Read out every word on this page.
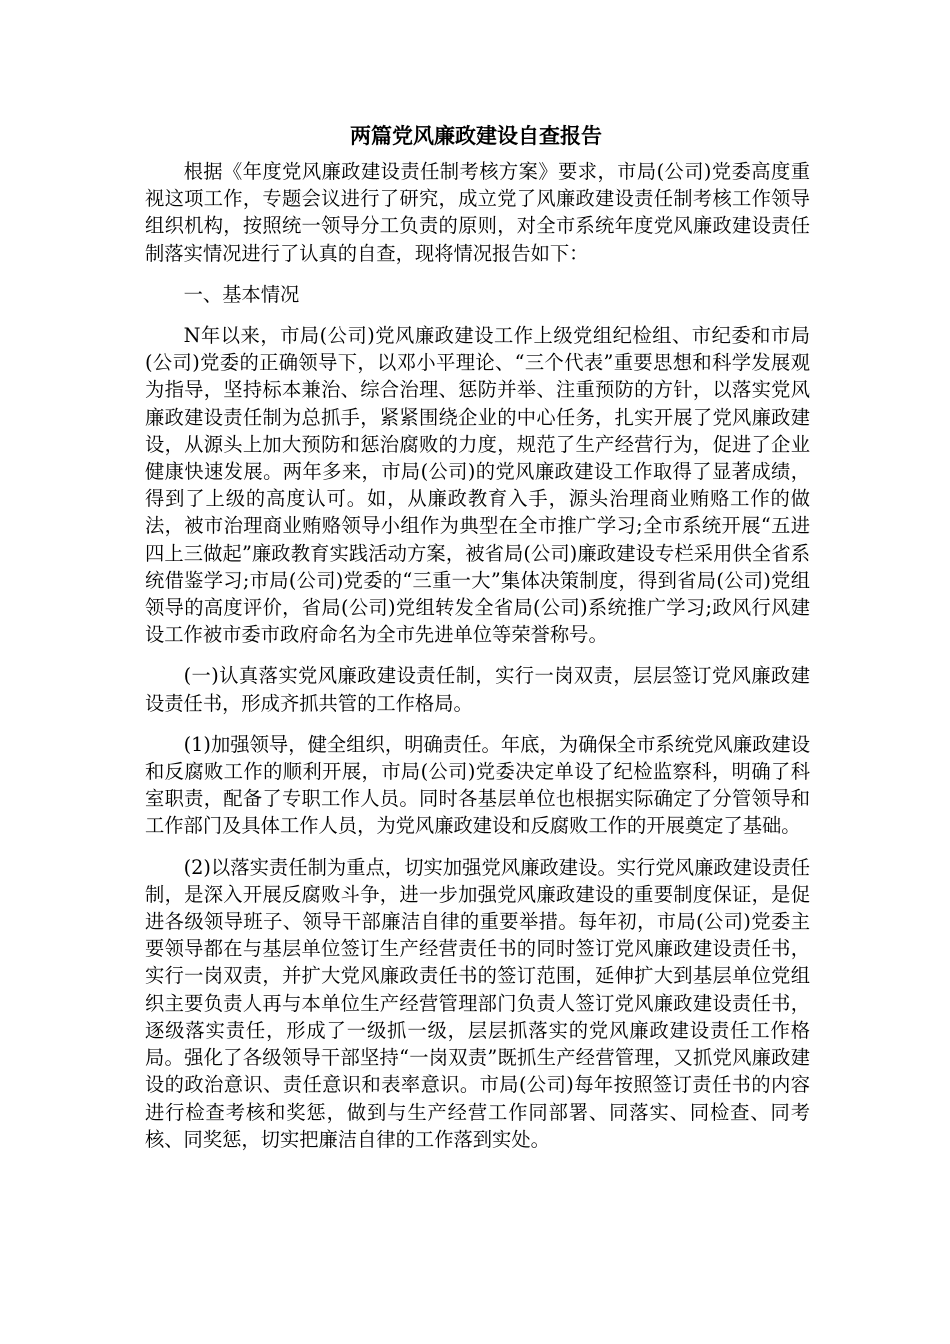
两篇党风廉政建设自查报告

根据《年度党风廉政建设责任制考核方案》要求，市局(公司)党委高度重视这项工作，专题会议进行了研究，成立党了风廉政建设责任制考核工作领导组织机构，按照统一领导分工负责的原则，对全市系统年度党风廉政建设责任制落实情况进行了认真的自查，现将情况报告如下：

一、基本情况

N年以来，市局(公司)党风廉政建设工作上级党组纪检组、市纪委和市局(公司)党委的正确领导下，以邓小平理论、“三个代表”重要思想和科学发展观为指导，坚持标本兼治、综合治理、惩防并举、注重预防的方针，以落实党风廉政建设责任制为总抓手，紧紧围绕企业的中心任务，扎实开展了党风廉政建设，从源头上加大预防和惩治腐败的力度，规范了生产经营行为，促进了企业健康快速发展。两年多来，市局(公司)的党风廉政建设工作取得了显著成绩，得到了上级的高度认可。如，从廉政教育入手，源头治理商业贿赂工作的做法，被市治理商业贿赂领导小组作为典型在全市推广学习;全市系统开展“五进四上三做起”廉政教育实践活动方案，被省局(公司)廉政建设专栏采用供全省系统借鉴学习;市局(公司)党委的“三重一大”集体决策制度，得到省局(公司)党组领导的高度评价，省局(公司)党组转发全省局(公司)系统推广学习;政风行风建设工作被市委市政府命名为全市先进单位等荣誉称号。

(一)认真落实党风廉政建设责任制，实行一岗双责，层层签订党风廉政建设责任书，形成齐抓共管的工作格局。

(1)加强领导，健全组织，明确责任。年底，为确保全市系统党风廉政建设和反腐败工作的顺利开展，市局(公司)党委决定单设了纪检监察科，明确了科室职责，配备了专职工作人员。同时各基层单位也根据实际确定了分管领导和工作部门及具体工作人员，为党风廉政建设和反腐败工作的开展奠定了基础。

(2)以落实责任制为重点，切实加强党风廉政建设。实行党风廉政建设责任制，是深入开展反腐败斗争，进一步加强党风廉政建设的重要制度保证，是促进各级领导班子、领导干部廉洁自律的重要举措。每年初，市局(公司)党委主要领导都在与基层单位签订生产经营责任书的同时签订党风廉政建设责任书，实行一岗双责，并扩大党风廉政责任书的签订范围，延伸扩大到基层单位党组织主要负责人再与本单位生产经营管理部门负责人签订党风廉政建设责任书，逐级落实责任，形成了一级抓一级，层层抓落实的党风廉政建设责任工作格局。强化了各级领导干部坚持“一岗双责”既抓生产经营管理，又抓党风廉政建设的政治意识、责任意识和表率意识。市局(公司)每年按照签订责任书的内容进行检查考核和奖惩，做到与生产经营工作同部署、同落实、同检查、同考核、同奖惩，切实把廉洁自律的工作落到实处。
